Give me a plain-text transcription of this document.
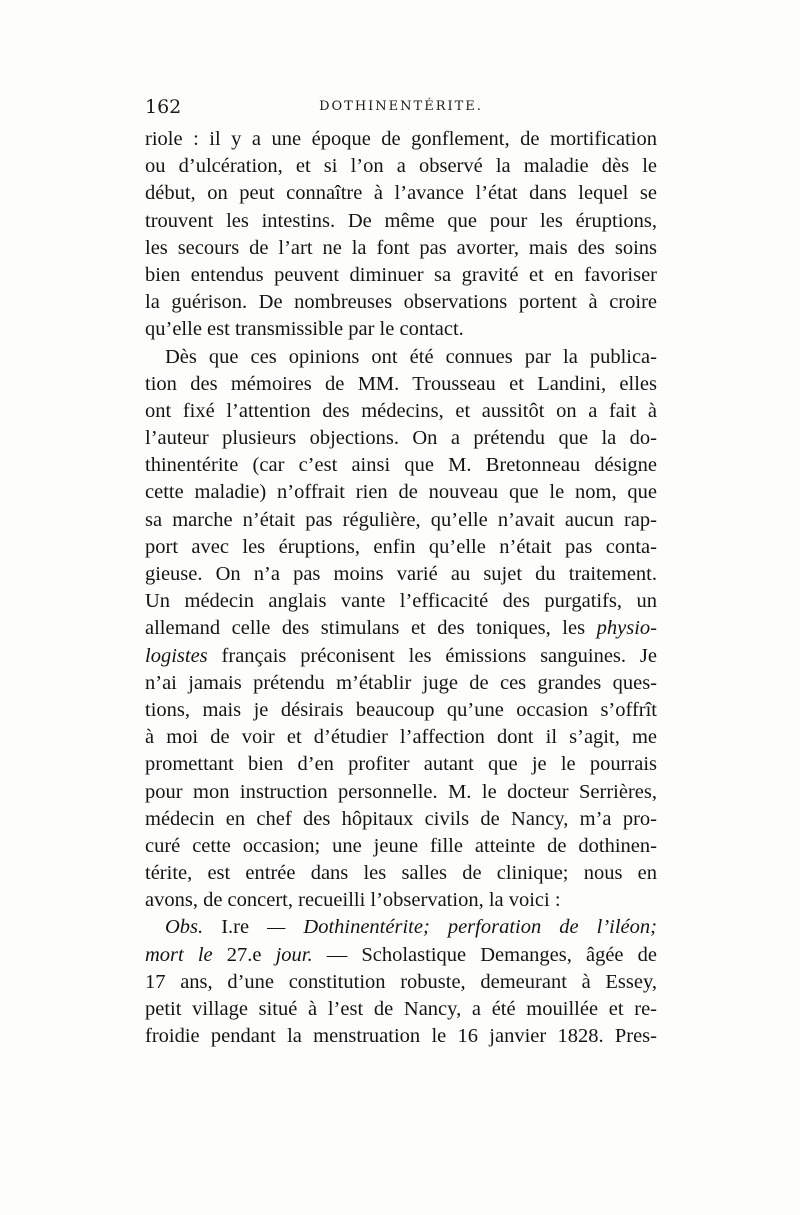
162	DOTHINENTÉRITE.
riole : il y a une époque de gonflement, de mortification
ou d’ulcération, et si l’on a observé la maladie dès le
début, on peut connaître à l’avance l’état dans lequel se
trouvent les intestins. De même que pour les éruptions,
les secours de l’art ne la font pas avorter, mais des soins
bien entendus peuvent diminuer sa gravité et en favoriser
la guérison. De nombreuses observations portent à croire
qu’elle est transmissible par le contact.
Dès que ces opinions ont été connues par la publica-
tion des mémoires de MM. Trousseau et Landini, elles
ont fixé l’attention des médecins, et aussitôt on a fait à
l’auteur plusieurs objections. On a prétendu que la do-
thinentérite (car c’est ainsi que M. Bretonneau désigne
cette maladie) n’offrait rien de nouveau que le nom, que
sa marche n’était pas régulière, qu’elle n’avait aucun rap-
port avec les éruptions, enfin qu’elle n’était pas conta-
gieuse. On n’a pas moins varié au sujet du traitement.
Un médecin anglais vante l’efficacité des purgatifs, un
allemand celle des stimulans et des toniques, les physio-
logistes français préconisent les émissions sanguines. Je
n’ai jamais prétendu m’établir juge de ces grandes ques-
tions, mais je désirais beaucoup qu’une occasion s’offrît
à moi de voir et d’étudier l’affection dont il s’agit, me
promettant bien d’en profiter autant que je le pourrais
pour mon instruction personnelle. M. le docteur Serrières,
médecin en chef des hôpitaux civils de Nancy, m’a pro-
curé cette occasion; une jeune fille atteinte de dothinen-
térite, est entrée dans les salles de clinique; nous en
avons, de concert, recueilli l’observation, la voici :
Obs. I.re — Dothinentérite; perforation de l’iléon;
mort le 27.e jour. — Scholastique Demanges, âgée de
17 ans, d’une constitution robuste, demeurant à Essey,
petit village situé à l’est de Nancy, a été mouillée et re-
froidie pendant la menstruation le 16 janvier 1828. Pres-
